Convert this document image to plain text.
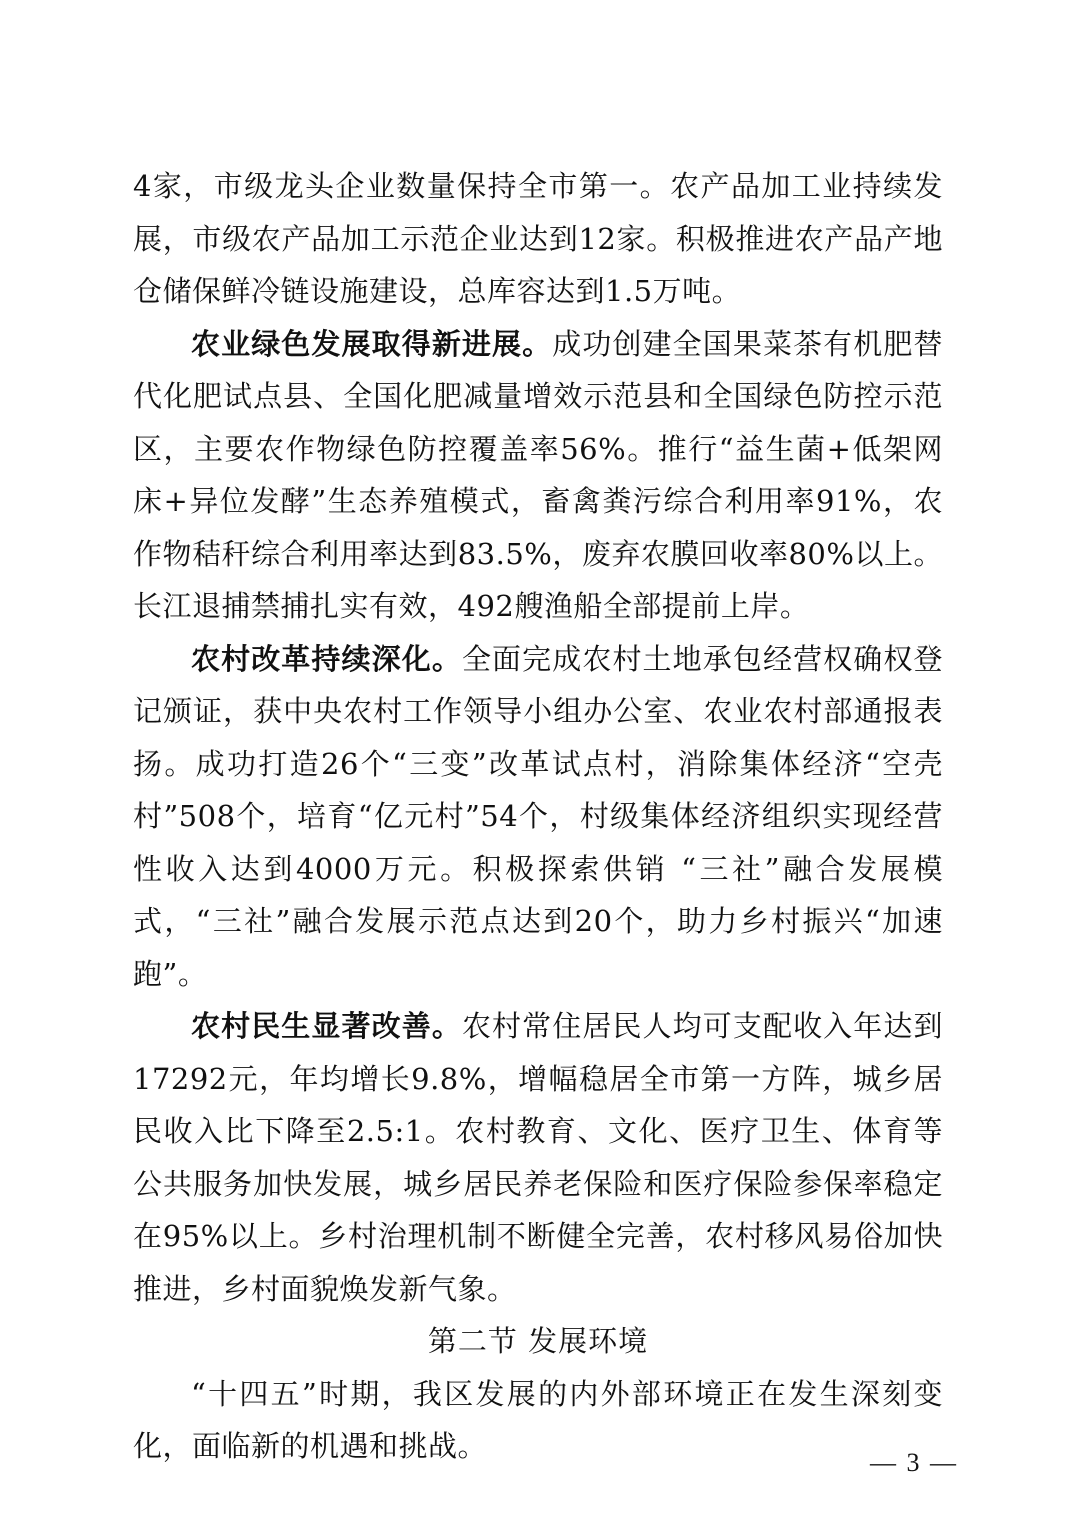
4家，市级龙头企业数量保持全市第一。农产品加工业持续发展，市级农产品加工示范企业达到12家。积极推进农产品产地仓储保鲜冷链设施建设，总库容达到1.5万吨。

农业绿色发展取得新进展。成功创建全国果菜茶有机肥替代化肥试点县、全国化肥减量增效示范县和全国绿色防控示范区，主要农作物绿色防控覆盖率56%。推行“益生菌+低架网床+异位发酵”生态养殖模式，畜禽粪污综合利用率91%，农作物秸秆综合利用率达到83.5%，废弃农膜回收率80%以上。长江退捕禁捕扎实有效，492艘渔船全部提前上岸。

农村改革持续深化。全面完成农村土地承包经营权确权登记颁证，获中央农村工作领导小组办公室、农业农村部通报表扬。成功打造26个“三变”改革试点村，消除集体经济“空壳村”508个，培育“亿元村”54个，村级集体经济组织实现经营性收入达到4000万元。积极探索供销 “三社”融合发展模式，“三社”融合发展示范点达到20个，助力乡村振兴“加速跑”。

农村民生显著改善。农村常住居民人均可支配收入年达到17292元，年均增长9.8%，增幅稳居全市第一方阵，城乡居民收入比下降至2.5:1。农村教育、文化、医疗卫生、体育等公共服务加快发展，城乡居民养老保险和医疗保险参保率稳定在95%以上。乡村治理机制不断健全完善，农村移风易俗加快推进，乡村面貌焕发新气象。

第二节 发展环境

“十四五”时期，我区发展的内外部环境正在发生深刻变化，面临新的机遇和挑战。	— 3 —
